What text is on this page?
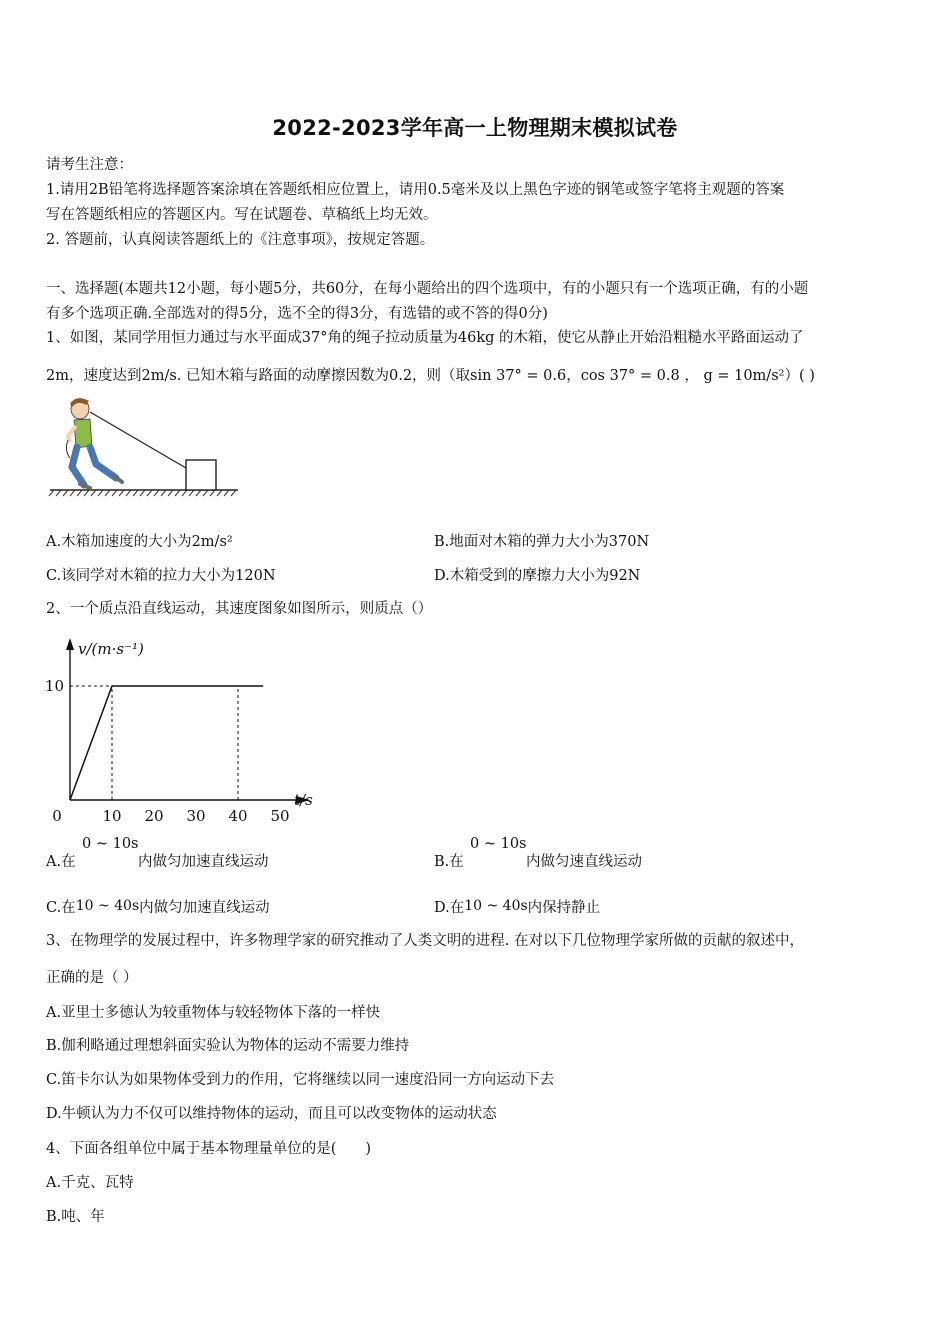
2022-2023学年高一上物理期末模拟试卷
请考生注意：
1.请用2B铅笔将选择题答案涂填在答题纸相应位置上，请用0.5毫米及以上黑色字迹的钢笔或签字笔将主观题的答案
写在答题纸相应的答题区内。写在试题卷、草稿纸上均无效。
2. 答题前，认真阅读答题纸上的《注意事项》，按规定答题。
一、选择题(本题共12小题，每小题5分，共60分，在每小题给出的四个选项中，有的小题只有一个选项正确，有的小题
有多个选项正确.全部选对的得5分，选不全的得3分，有选错的或不答的得0分)
1、如图，某同学用恒力通过与水平面成37°角的绳子拉动质量为46kg 的木箱，使它从静止开始沿粗糙水平路面运动了
2m，速度达到2m/s. 已知木箱与路面的动摩擦因数为0.2，则（取sin 37° = 0.6，cos 37° = 0.8 ， g = 10m/s²）( )
A.木箱加速度的大小为2m/s²	B.地面对木箱的弹力大小为370N
C.该同学对木箱的拉力大小为120N	D.木箱受到的摩擦力大小为92N
2、一个质点沿直线运动，其速度图象如图所示，则质点（）
0	10 20 30 40 50
10
v/(m·s⁻¹)
t/s
A.在
0 ~ 10s
内做匀加速直线运动	B.在
0 ~ 10s
内做匀速直线运动
C.在10 ~ 40s内做匀加速直线运动	D.在10 ~ 40s内保持静止
3、在物理学的发展过程中，许多物理学家的研究推动了人类文明的进程. 在对以下几位物理学家所做的贡献的叙述中，
正确的是（ ）
A.亚里士多德认为较重物体与较轻物体下落的一样快
B.伽利略通过理想斜面实验认为物体的运动不需要力维持
C.笛卡尔认为如果物体受到力的作用，它将继续以同一速度沿同一方向运动下去
D.牛顿认为力不仅可以维持物体的运动，而且可以改变物体的运动状态
4、下面各组单位中属于基本物理量单位的是(　　)
A.千克、瓦特
B.吨、年
